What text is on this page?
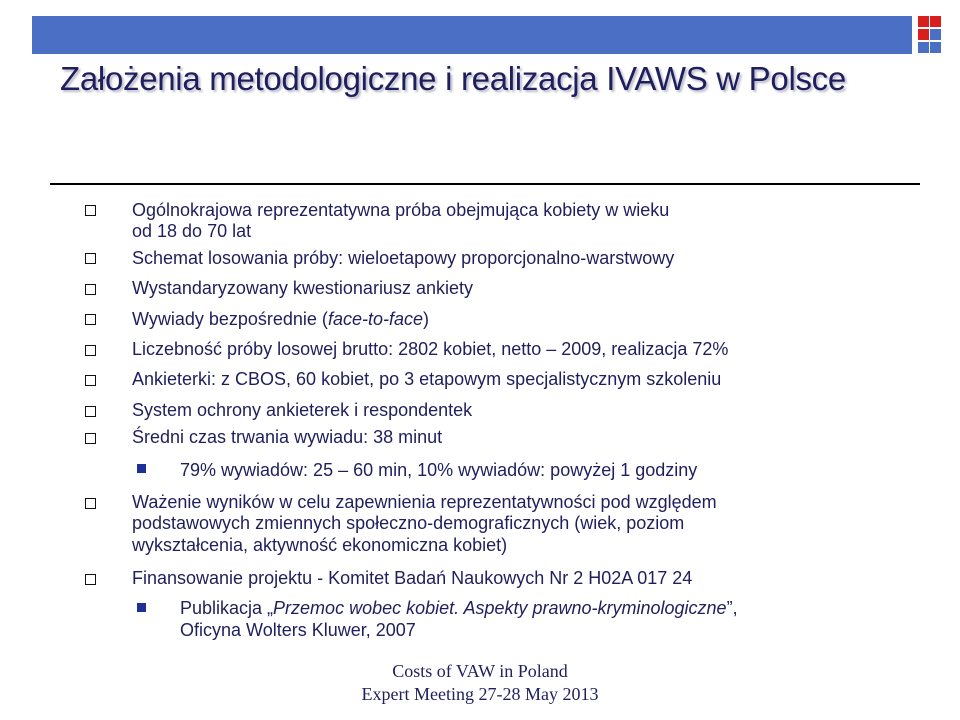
Założenia metodologiczne i realizacja IVAWS w Polsce
Ogólnokrajowa reprezentatywna próba obejmująca kobiety w wieku
od 18 do 70 lat
Schemat losowania próby: wieloetapowy proporcjonalno-warstwowy
Wystandaryzowany kwestionariusz ankiety
Wywiady bezpośrednie (face-to-face)
Liczebność próby losowej brutto: 2802 kobiet, netto – 2009, realizacja 72%
Ankieterki: z CBOS, 60 kobiet, po 3 etapowym specjalistycznym szkoleniu
System ochrony ankieterek i respondentek
Średni czas trwania wywiadu: 38 minut
79% wywiadów: 25 – 60 min, 10% wywiadów: powyżej 1 godziny
Ważenie wyników w celu zapewnienia reprezentatywności pod względem
podstawowych zmiennych społeczno-demograficznych (wiek, poziom
wykształcenia, aktywność ekonomiczna kobiet)
Finansowanie projektu - Komitet Badań Naukowych Nr 2 H02A 017 24
Publikacja „Przemoc wobec kobiet. Aspekty prawno-kryminologiczne”,
Oficyna Wolters Kluwer, 2007
Costs of VAW in Poland
Expert Meeting 27-28 May 2013
